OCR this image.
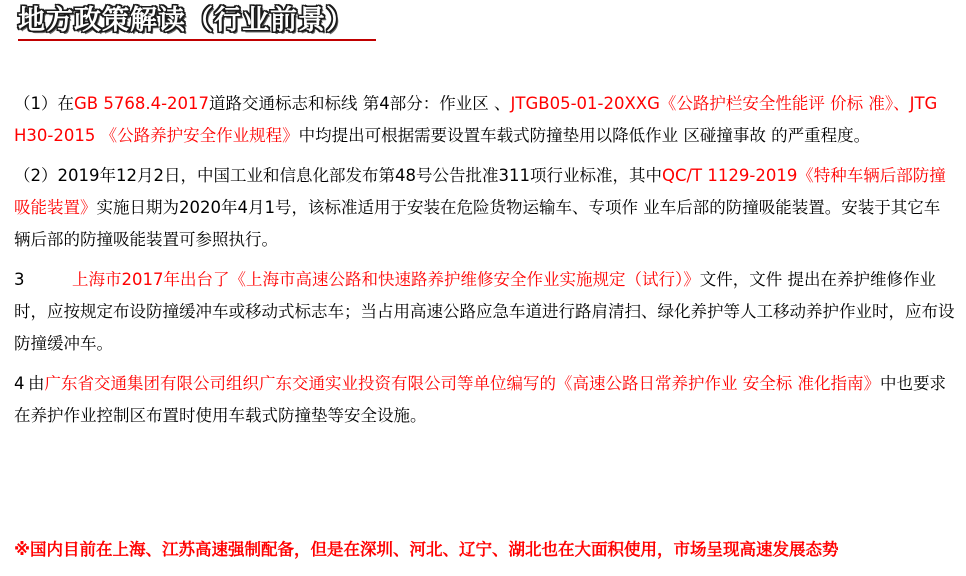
地方政策解读（行业前景）

（1）在GB 5768.4-2017道路交通标志和标线 第4部分：作业区 、JTGB05-01-20XXG《公路护栏安全性能评 价标 准》、JTG H30-2015 《公路养护安全作业规程》中均提出可根据需要设置车载式防撞垫用以降低作业 区碰撞事故 的严重程度。

（2）2019年12月2日，中国工业和信息化部发布第48号公告批准311项行业标准，其中QC/T 1129-2019《特种车辆后部防撞吸能装置》实施日期为2020年4月1号，该标准适用于安装在危险货物运输车、专项作 业车后部的防撞吸能装置。安装于其它车辆后部的防撞吸能装置可参照执行。

3	上海市2017年出台了《上海市高速公路和快速路养护维修安全作业实施规定（试行）》文件，文件 提出在养护维修作业时，应按规定布设防撞缓冲车或移动式标志车；当占用高速公路应急车道进行路肩清扫、绿化养护等人工移动养护作业时，应布设防撞缓冲车。

4 由广东省交通集团有限公司组织广东交通实业投资有限公司等单位编写的《高速公路日常养护作业 安全标 准化指南》中也要求在养护作业控制区布置时使用车载式防撞垫等安全设施。

※国内目前在上海、江苏高速强制配备，但是在深圳、河北、辽宁、湖北也在大面积使用，市场呈现高速发展态势
